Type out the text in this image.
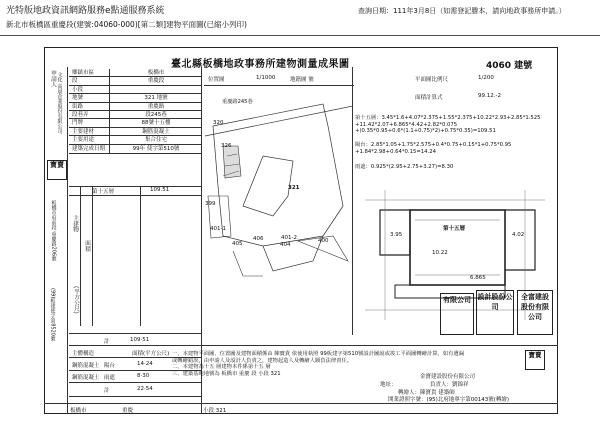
光特版地政資訊網路服務e點通服務系統
新北市板橋區重慶段(建號:04060-000)[第二類]建物平面圖(已縮小列印)
查詢日期：111年3月8日（如需登記謄本，請向地政事務所申請。）
臺北縣板橋地政事務所建物測量成果圖	4060 建號
申請人 文化 高晨企業股份有限公司	鄉鎮市區	板橋市
段	重慶段
小段
地號	321 地號
街路	重慶路
段巷弄	段245巷
門牌	88號十五樓
主要建材	鋼筋混凝土
主要用途	集合住宅
建築完成日期	99年 使字第510號
寶賣
第十五層	109.51
主建物
面積
板橋市府前段 重慶路206號
(平方公尺)
(99)板建使字第8520號
計	109·51
主體構造	面積(平方公尺)
鋼筋混凝土 陽台	14·24
鋼筋混凝土 雨遮	8·30
計	22·54
位置圖	1/1000	地籍圖 號	平面圖比例尺	1/200
面積計算式	99.12.-2
重慶路245巷
320
326
321
399
401-1
405
406	401-2
404
400
第十五層：3.45*1.6+4.07*2.375+1.55*2.375+10.22*2.93+2.85*1.525
+11.42*2.07+6.865*4.42+2.82*0.075
+(0.35*0.95+0.6*(1.1+0.75)*2)+0.75*0.35)=109.51
陽台：2.85*1.05+1.75*2.575+0.4*0.75+0.15*1+0.75*0.95
+1.84*2.98+0.64*0.15=14.24
雨遮：0.925*(2.95+2.75+3.27)=8.30
第十五層
10.22
6.865
3.95	4.02
有限公司 設計股份公司
全富建設股份有限公司
寶賣
一、本建物平面圖、位置圖及建物面積係由 陳寶貴 依使用執照 99板建字第510號設計圖說或竣工平面圖轉繪計算，如有遺漏
或轉繪錯誤，由申請人及設計人負責之，建物起造人及轉繪人願負法律責任。
二、本建物為十五 層建物本件係第十五 層
三、建築基地地號為 板橋市 重慶 段 小段 321
地址：
金寶建設股份有限公司
負責人：劉錦祥
轉繪人：陳寶貴 建築師
開業證照字號：(95)北府地專字第00143號(轉繪)
板橋市	重慶	小段 321
